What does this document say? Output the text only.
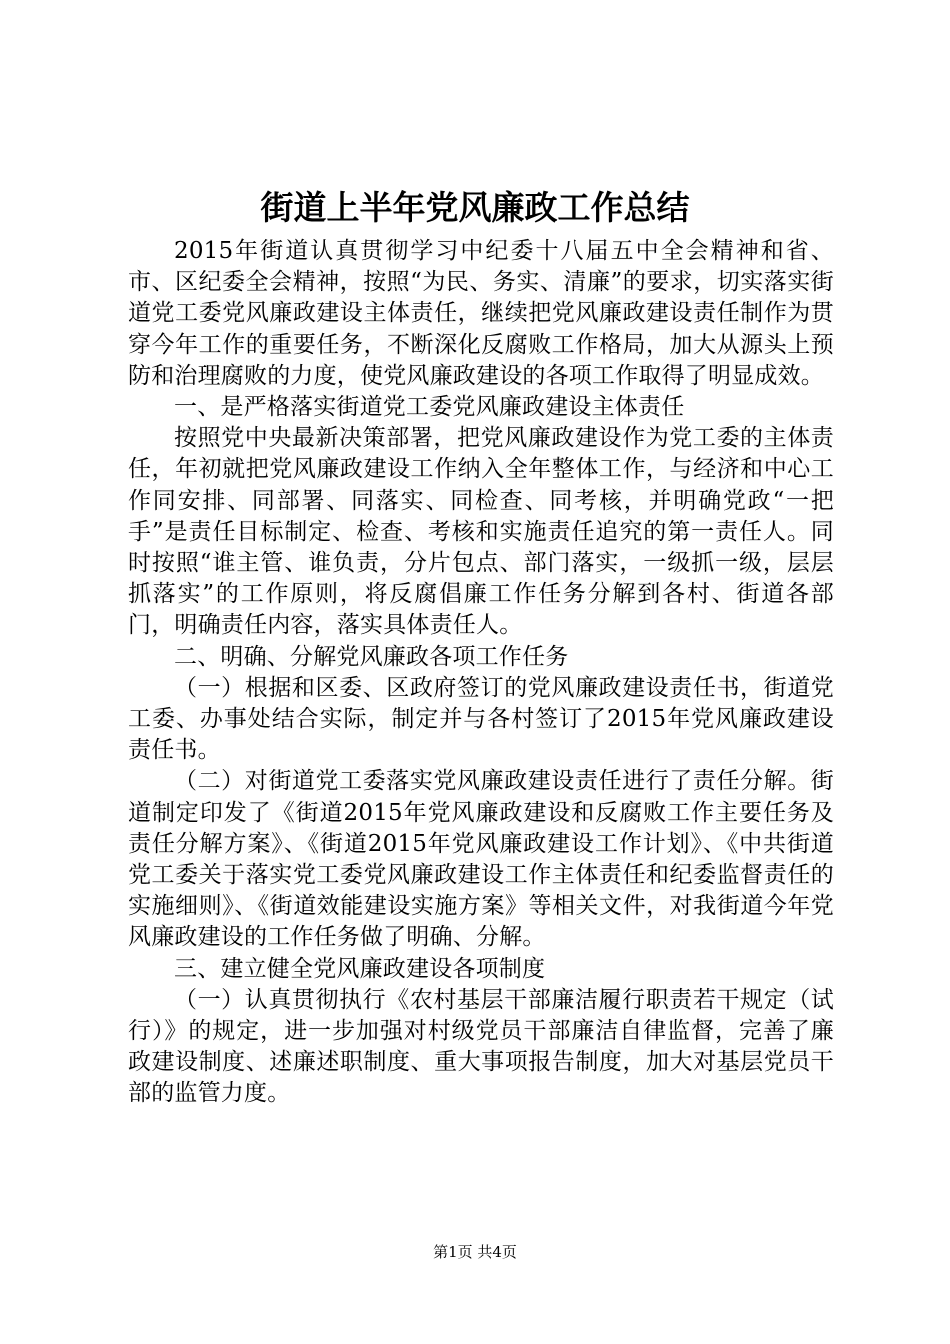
街道上半年党风廉政工作总结

2015年街道认真贯彻学习中纪委十八届五中全会精神和省、市、区纪委全会精神，按照“为民、务实、清廉”的要求，切实落实街道党工委党风廉政建设主体责任，继续把党风廉政建设责任制作为贯穿今年工作的重要任务，不断深化反腐败工作格局，加大从源头上预防和治理腐败的力度，使党风廉政建设的各项工作取得了明显成效。

一、是严格落实街道党工委党风廉政建设主体责任

按照党中央最新决策部署，把党风廉政建设作为党工委的主体责任，年初就把党风廉政建设工作纳入全年整体工作，与经济和中心工作同安排、同部署、同落实、同检查、同考核，并明确党政“一把手”是责任目标制定、检查、考核和实施责任追究的第一责任人。同时按照“谁主管、谁负责，分片包点、部门落实，一级抓一级，层层抓落实”的工作原则，将反腐倡廉工作任务分解到各村、街道各部门，明确责任内容，落实具体责任人。

二、明确、分解党风廉政各项工作任务

（一）根据和区委、区政府签订的党风廉政建设责任书，街道党工委、办事处结合实际，制定并与各村签订了2015年党风廉政建设责任书。

（二）对街道党工委落实党风廉政建设责任进行了责任分解。街道制定印发了《街道2015年党风廉政建设和反腐败工作主要任务及责任分解方案》、《街道2015年党风廉政建设工作计划》、《中共街道党工委关于落实党工委党风廉政建设工作主体责任和纪委监督责任的实施细则》、《街道效能建设实施方案》等相关文件，对我街道今年党风廉政建设的工作任务做了明确、分解。

三、建立健全党风廉政建设各项制度

（一）认真贯彻执行《农村基层干部廉洁履行职责若干规定（试行）》的规定，进一步加强对村级党员干部廉洁自律监督，完善了廉政建设制度、述廉述职制度、重大事项报告制度，加大对基层党员干部的监管力度。

第1页 共4页
